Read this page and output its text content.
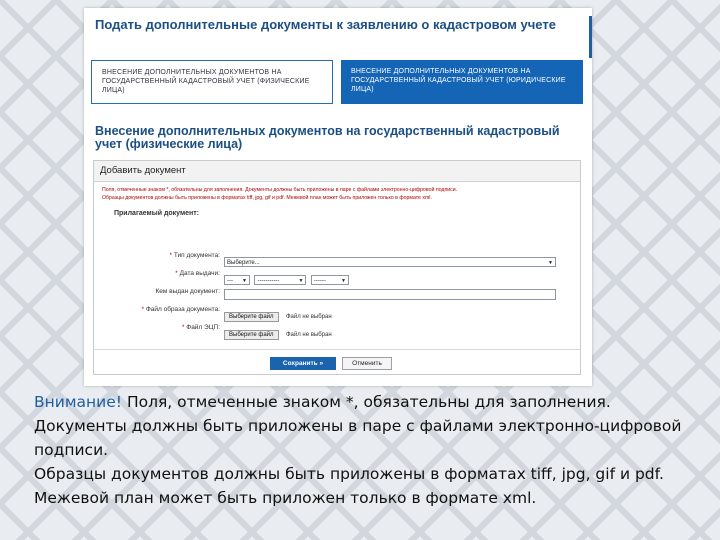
Подать дополнительные документы к заявлению о кадастровом учете
ВНЕСЕНИЕ ДОПОЛНИТЕЛЬНЫХ ДОКУМЕНТОВ НА ГОСУДАРСТВЕННЫЙ КАДАСТРОВЫЙ УЧЕТ (ФИЗИЧЕСКИЕ ЛИЦА)
ВНЕСЕНИЕ ДОПОЛНИТЕЛЬНЫХ ДОКУМЕНТОВ НА ГОСУДАРСТВЕННЫЙ КАДАСТРОВЫЙ УЧЕТ (ЮРИДИЧЕСКИЕ ЛИЦА)
Внесение дополнительных документов на государственный кадастровый учет (физические лица)
Добавить документ
Поля, отмеченные знаком *, обязательны для заполнения. Документы должны быть приложены в паре с файлами электронно-цифровой подписи.
Образцы документов должны быть приложены в форматах tiff, jpg, gif и pdf. Межевой план может быть приложен только в формате xml.
Прилагаемый документ:
* Тип документа:
Выберите...	▼
* Дата выдачи:
--- ▼ -----------	▼ ------	▼
Кем выдан документ:
* Файл образа документа:
Выберите файл Файл не выбран
* Файл ЭЦП:
Выберите файл Файл не выбран
Сохранить »	Отменить

Внимание! Поля, отмеченные знаком *, обязательны для заполнения.

Документы должны быть приложены в паре с файлами электронно-цифровой подписи.

Образцы документов должны быть приложены в форматах tiff, jpg, gif и pdf.

Межевой план может быть приложен только в формате xml.
